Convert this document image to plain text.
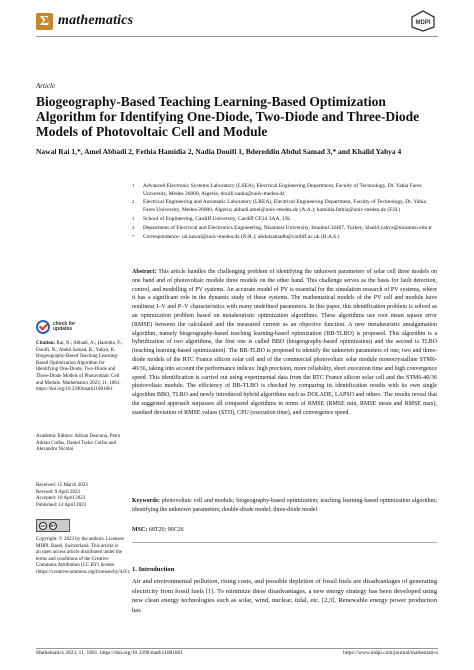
Σ mathematics	MDPI
Article
Biogeography-Based Teaching Learning-Based Optimization Algorithm for Identifying One-Diode, Two-Diode and Three-Diode Models of Photovoltaic Cell and Module
Nawal Rai 1,*, Amel Abbadi 2, Fethia Hamidia 2, Nadia Douifi 1, Bdereddin Abdul Samad 3,* and Khalid Yahya 4
1 Advanced Electronic Systems Laboratory (LSEA), Electrical Engineering Department, Faculty of Technology, Dr. Yahia Fares University, Medea 26000, Algeria; douifi.nadia@univ-medea.dz
2 Electrical Engineering and Automatic Laboratory (LREA), Electrical Engineering Department, Faculty of Technology, Dr. Yahia Fares University, Medea 26000, Algeria; abbadi.amel@univ-medea.dz (A.A.); hamidia.fethia@univ-medea.dz (F.H.)
3 School of Engineering, Cardiff University, Cardiff CF24 3AA, UK
4 Department of Electrical and Electronics Engineering, Nisantasi University, Istanbul 34467, Turkey; khalid.yahya@nisantasi.edu.tr
* Correspondence: rai.nawal@univ-medea.dz (N.R.); abdulsamadb@cardiff.ac.uk (B.A.S.)
Abstract: This article handles the challenging problem of identifying the unknown parameters of solar cell three models on one hand and of photovoltaic module three models on the other hand. This challenge serves as the basis for fault detection, control, and modelling of PV systems. An accurate model of PV is essential for the simulation research of PV systems, where it has a significant role in the dynamic study of these systems. The mathematical models of the PV cell and module have nonlinear I–V and P–V characteristics with many undefined parameters. In this paper, this identification problem is solved as an optimization problem based on metaheuristic optimization algorithms. These algorithms use root mean square error (RMSE) between the calculated and the measured current as an objective function. A new metaheuristic amalgamation algorithm, namely biogeography-based teaching learning-based optimization (BB-TLBO) is proposed. This algorithm is a hybridization of two algorithms, the first one is called BBO (biogeography-based optimization) and the second is TLBO (teaching learning-based optimization). The BB-TLBO is proposed to identify the unknown parameters of one, two and three-diode models of the RTC France silicon solar cell and of the commercial photovoltaic solar module monocrystalline STM6-40/36, taking into account the performance indices: high precision, more reliability, short execution time and high convergence speed. This identification is carried out using experimental data from the RTC France silicon solar cell and the STM6-40/36 photovoltaic module. The efficiency of BB-TLBO is checked by comparing its identification results with its own single algorithm BBO, TLBO and newly introduced hybrid algorithms such as DOLADE, LAPSO and others. The results reveal that the suggested approach surpasses all compared algorithms in terms of RMSE (RMSE min, RMSE mean and RMSE max), standard deviation of RMSE values (STD), CPU (execution time), and convergence speed.
Keywords: photovoltaic cell and module; biogeography-based optimization; teaching learning-based optimization algorithm; identifying the unknown parameters; double-diode model; three-diode model
MSC: 68T20; 90C26
1. Introduction
Air and environmental pollution, rising costs, and possible depletion of fossil fuels are disadvantages of generating electricity from fossil fuels [1]. To minimize these disadvantages, a new energy strategy has been developed using new clean energy technologies such as solar, wind, nuclear, tidal, etc. [2,3]. Renewable energy power production has
check for
updates
Citation: Rai, N.; Abbadi, A.; Hamidia, F.; Douifi, N.; Abdul Samad, B.; Yahya, K. Biogeography-Based Teaching Learning-Based Optimization Algorithm for Identifying One-Diode, Two-Diode and Three-Diode Models of Photovoltaic Cell and Module. Mathematics 2023, 11, 1861. https://doi.org/10.3390/math11081861
Academic Editors: Adrian Deaconu, Petru Adrian Cotfas, Daniel Tudor Cotfas and Alexandru Nicolai
Received: 15 March 2023
Revised: 9 April 2023
Accepted: 10 April 2023
Published: 14 April 2023
cc	BY
Copyright: © 2023 by the authors. Licensee MDPI, Basel, Switzerland. This article is an open access article distributed under the terms and conditions of the Creative Commons Attribution (CC BY) license (https://creativecommons.org/licenses/by/4.0/).
Mathematics 2023, 11, 1861. https://doi.org/10.3390/math11081861	https://www.mdpi.com/journal/mathematics
